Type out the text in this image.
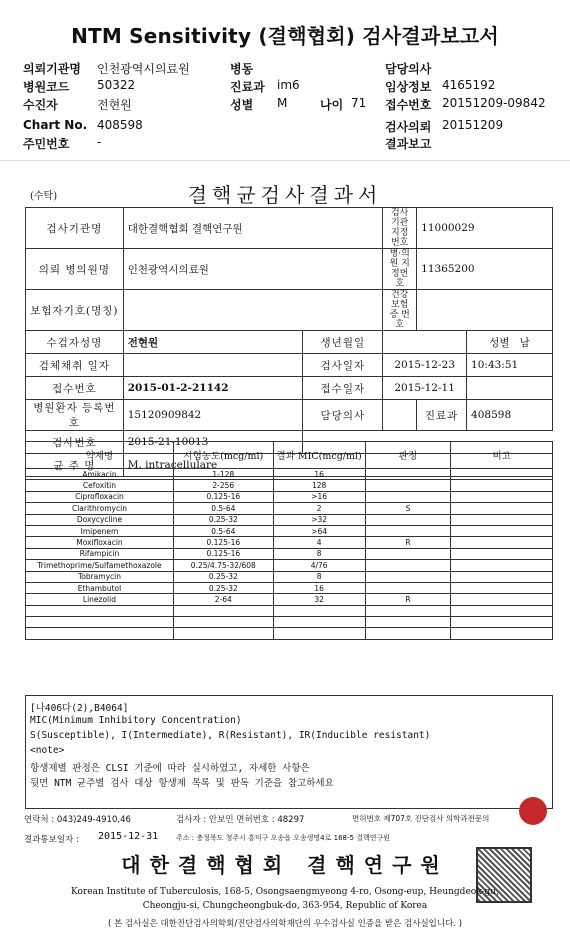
NTM Sensitivity (결핵협회) 검사결과보고서
의뢰기관명 인천광역시의료원	병동	담당의사
병원코드 50322	진료과 im6	임상정보 4165192
수진자	전현원	성별 M	나이 71 접수번호 20151209-09842
Chart No. 408598	검사의뢰 20151209
주민번호 -	결과보고
(수탁)	결핵균검사결과서
검사기관명	대한결핵협회 결핵연구원		검사기관 지정번호	11000029	
의뢰 병의원명	인천광역시의료원		병·의원 지정번호	11365200	
보험자기호(명칭)			건강보험 증 번 호		
수검자성명	전현원	생년월일			성별 남
검체채취 일자		검사일자	2015-12-23		10:43:51
접수번호	2015-01-2-21142	접수일자	2015-12-11		
병원환자 등록번호	15120909842	담당의사		진료과	408598
검사번호	2015-21-10013				
균 주 명	M. intracellulare				
약제명	시험농도(mcg/ml)	결과 MIC(mcg/ml)	판정	비고
Amikacin	1-128	16		
Cefoxitin	2-256	128		
Ciprofloxacin	0.125-16	>16		
Clarithromycin	0.5-64	2	S	
Doxycycline	0.25-32	>32		
Imipenem	0.5-64	>64		
Moxifloxacin	0.125-16	4	R	
Rifampicin	0.125-16	8		
Trimethoprime/Sulfamethoxazole	0.25/4.75-32/608	4/76		
Tobramycin	0.25-32	8		
Ethambutol	0.25-32	16		
Linezolid	2-64	32	R	

[나406다(2),B4064]
MIC(Minimum Inhibitory Concentration)
S(Susceptible), I(Intermediate), R(Resistant), IR(Inducible resistant)
<note>
항생제별 판정은 CLSI 기준에 따라 실시하였고, 자세한 사항은
뒷면 NTM 균주별 검사 대상 항생제 목록 및 판독 기준을 참고하세요
연락처 : 043)249-4910,46	검사자 : 안보민 면허번호 : 48297	면허번호 제707호 진단검사 의학과전문의
결과통보일자 : 2015-12-31	주소 : 충청북도 청주시 흥덕구 오송읍 오송생명4로 168-5 결핵연구원
대한결핵협회 결핵연구원
Korean Institute of Tuberculosis, 168-5, Osongsaengmyeong 4-ro, Osong-eup, Heungdeok-gu,
Cheongju-si, Chungcheongbuk-do, 363-954, Republic of Korea
( 본 검사실은 대한진단검사의학회/진단검사의학재단의 우수검사실 인증을 받은 검사실입니다. )
